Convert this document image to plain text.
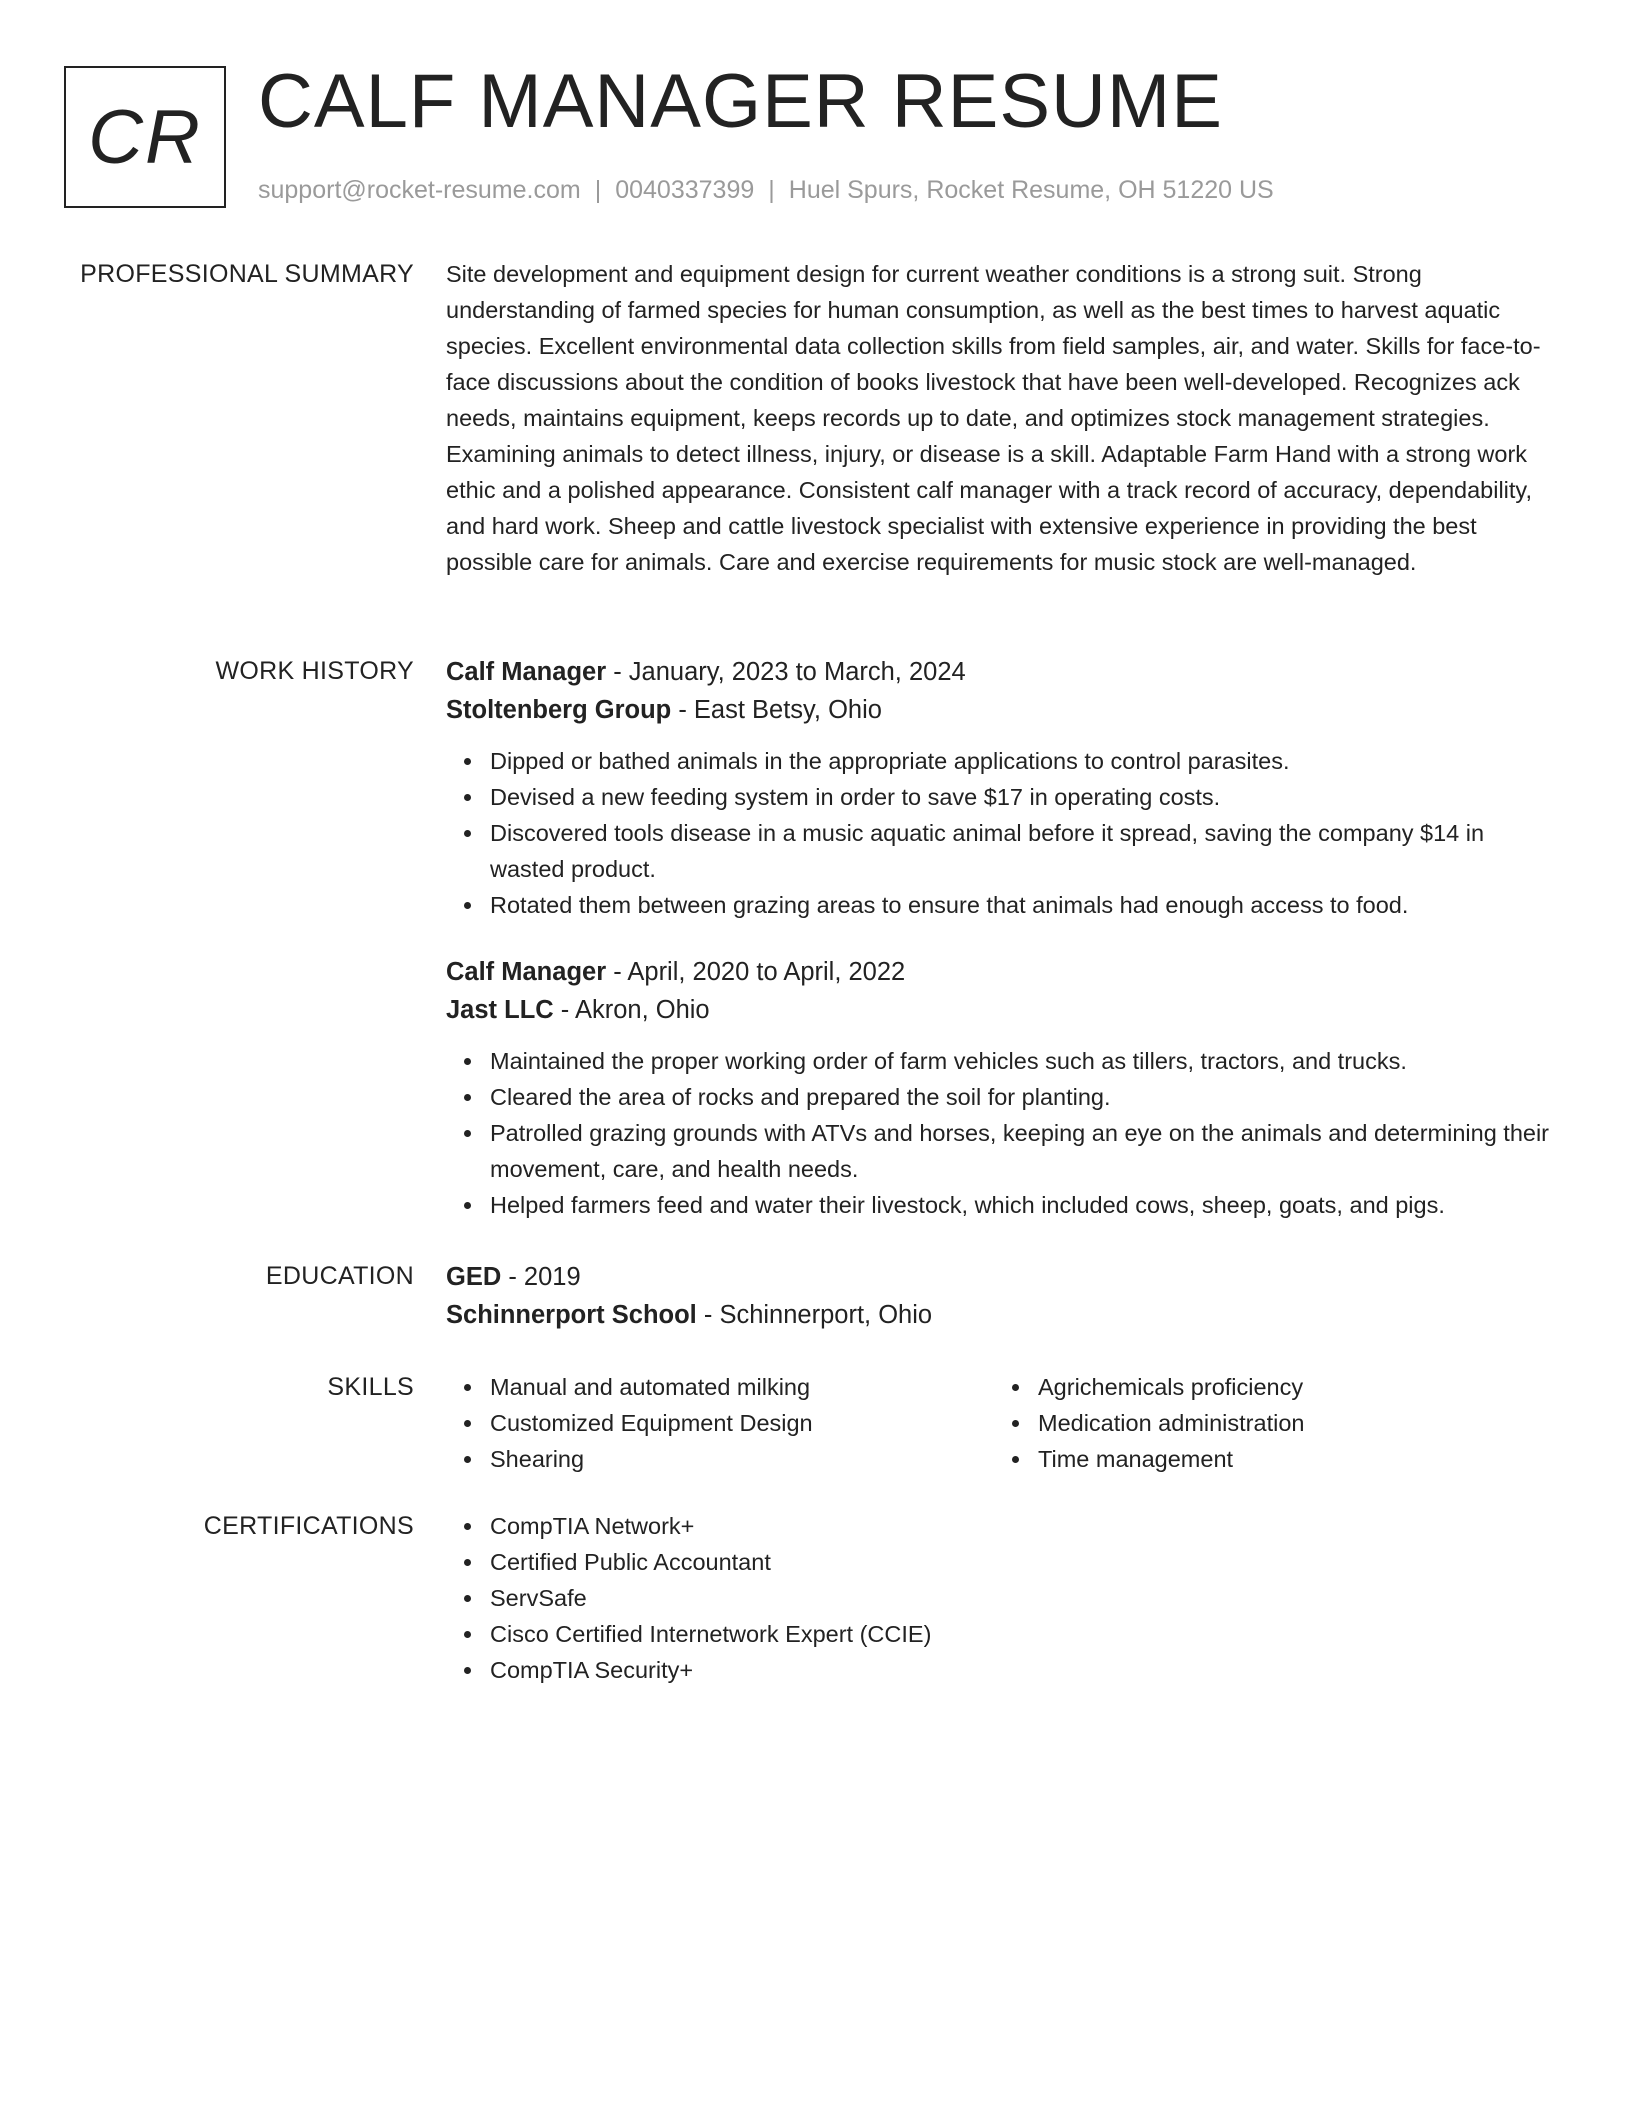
CR CALF MANAGER RESUME
support@rocket-resume.com | 0040337399 | Huel Spurs, Rocket Resume, OH 51220 US
PROFESSIONAL SUMMARY Site development and equipment design for current weather conditions is a strong suit. Strong understanding of farmed species for human consumption, as well as the best times to harvest aquatic species. Excellent environmental data collection skills from field samples, air, and water. Skills for face-to-face discussions about the condition of books livestock that have been well-developed. Recognizes ack needs, maintains equipment, keeps records up to date, and optimizes stock management strategies. Examining animals to detect illness, injury, or disease is a skill. Adaptable Farm Hand with a strong work ethic and a polished appearance. Consistent calf manager with a track record of accuracy, dependability, and hard work. Sheep and cattle livestock specialist with extensive experience in providing the best possible care for animals. Care and exercise requirements for music stock are well-managed.

WORK HISTORY Calf Manager - January, 2023 to March, 2024

Stoltenberg Group - East Betsy, Ohio

Dipped or bathed animals in the appropriate applications to control parasites.
Devised a new feeding system in order to save $17 in operating costs.
Discovered tools disease in a music aquatic animal before it spread, saving the company $14 in wasted product.
Rotated them between grazing areas to ensure that animals had enough access to food.

Calf Manager - April, 2020 to April, 2022

Jast LLC - Akron, Ohio

Maintained the proper working order of farm vehicles such as tillers, tractors, and trucks.
Cleared the area of rocks and prepared the soil for planting.
Patrolled grazing grounds with ATVs and horses, keeping an eye on the animals and determining their movement, care, and health needs.
Helped farmers feed and water their livestock, which included cows, sheep, goats, and pigs.
EDUCATION GED - 2019

Schinnerport School - Schinnerport, Ohio

SKILLS	Manual and automated milking
Customized Equipment Design
Shearing
Agrichemicals proficiency
Medication administration
Time management
CERTIFICATIONS	CompTIA Network+
Certified Public Accountant
ServSafe
Cisco Certified Internetwork Expert (CCIE)
CompTIA Security+
